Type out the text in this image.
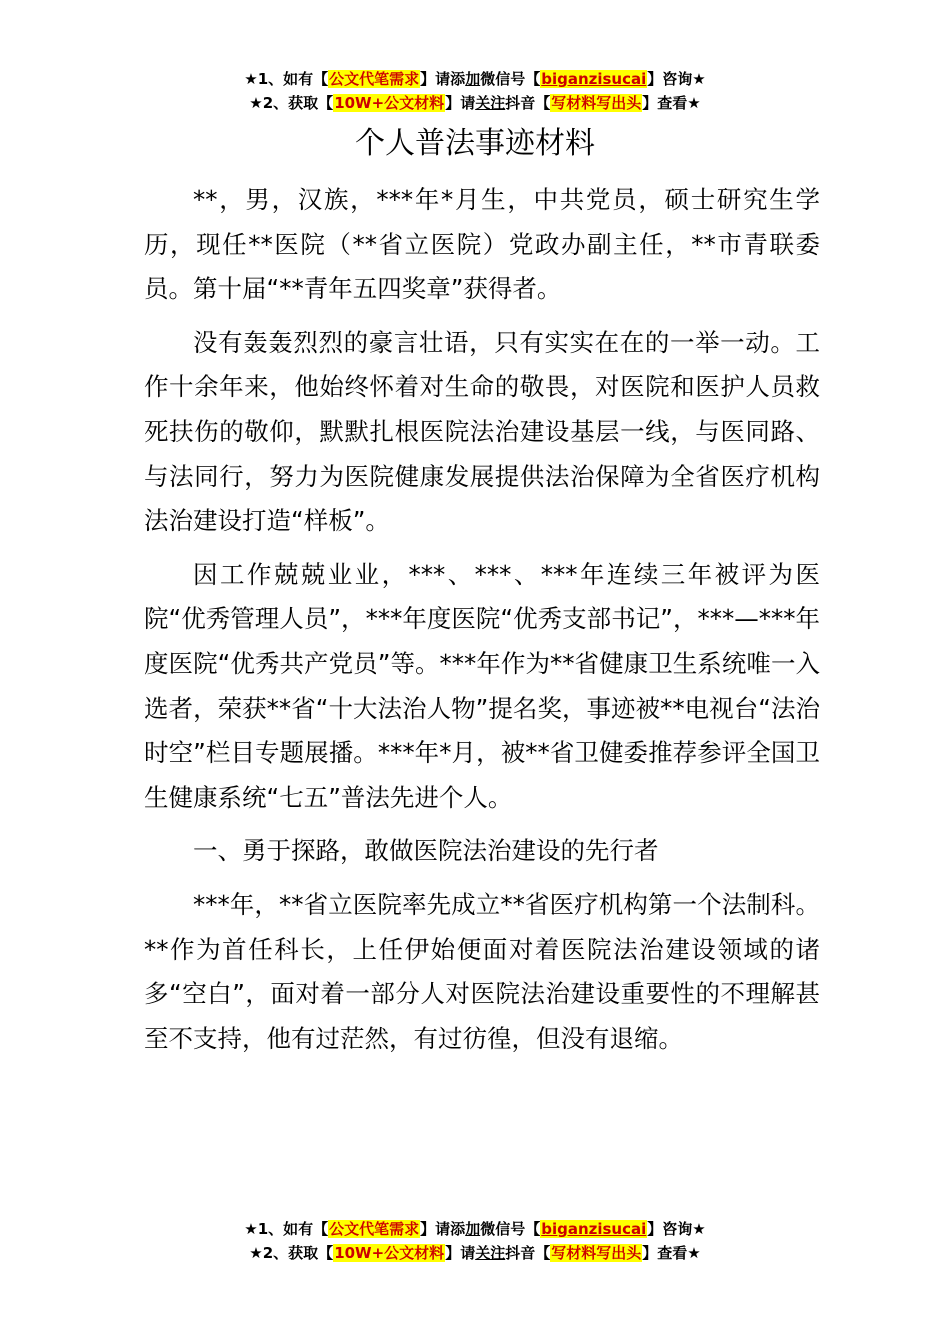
★1、如有【公文代笔需求】请添加微信号【biganzisucai】咨询★
★2、获取【10W+公文材料】请关注抖音【写材料写出头】查看★
个人普法事迹材料

**，男，汉族，***年*月生，中共党员，硕士研究生学历，现任**医院（**省立医院）党政办副主任，**市青联委员。第十届“**青年五四奖章”获得者。

没有轰轰烈烈的豪言壮语，只有实实在在的一举一动。工作十余年来，他始终怀着对生命的敬畏，对医院和医护人员救死扶伤的敬仰，默默扎根医院法治建设基层一线，与医同路、与法同行，努力为医院健康发展提供法治保障为全省医疗机构法治建设打造“样板”。

因工作兢兢业业，***、***、***年连续三年被评为医院“优秀管理人员”，***年度医院“优秀支部书记”，***—***年度医院“优秀共产党员”等。***年作为**省健康卫生系统唯一入选者，荣获**省“十大法治人物”提名奖，事迹被**电视台“法治时空”栏目专题展播。***年*月，被**省卫健委推荐参评全国卫生健康系统“七五”普法先进个人。

一、勇于探路，敢做医院法治建设的先行者

***年，**省立医院率先成立**省医疗机构第一个法制科。**作为首任科长，上任伊始便面对着医院法治建设领域的诸多“空白”，面对着一部分人对医院法治建设重要性的不理解甚至不支持，他有过茫然，有过彷徨，但没有退缩。

★1、如有【公文代笔需求】请添加微信号【biganzisucai】咨询★
★2、获取【10W+公文材料】请关注抖音【写材料写出头】查看★
